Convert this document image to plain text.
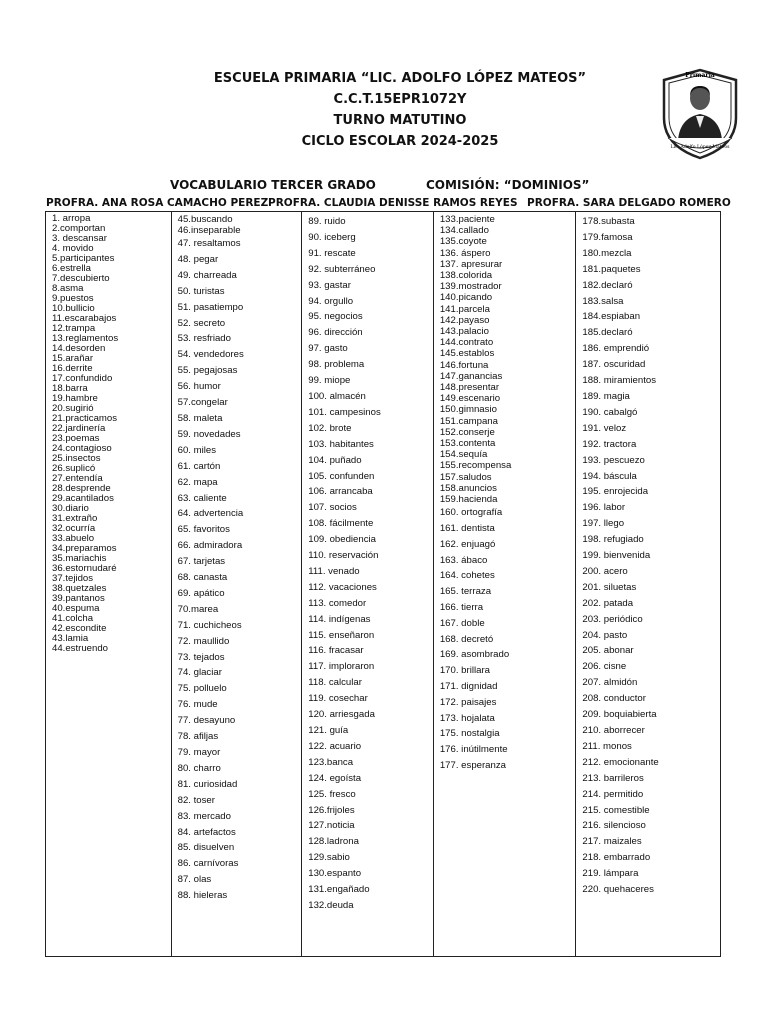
ESCUELA PRIMARIA “LIC. ADOLFO LÓPEZ MATEOS”
C.C.T.15EPR1072Y
TURNO MATUTINO
CICLO ESCOLAR 2024-2025
Primaria
Lic. Adolfo López Mateos
VOCABULARIO TERCER GRADO	COMISIÓN: “DOMINIOS”
PROFRA. ANA ROSA CAMACHO PEREZ PROFRA. CLAUDIA DENISSE RAMOS REYES PROFRA. SARA DELGADO ROMERO
1. arropa
2.comportan
3. descansar
4. movido
5.participantes
6.estrella
7.descubierto
8.asma
9.puestos
10.bullicio
11.escarabajos
12.trampa
13.reglamentos
14.desorden
15.arañar
16.derrite
17.confundido
18.barra
19.hambre
20.sugirió
21.practicamos
22.jardinería
23.poemas
24.contagioso
25.insectos
26.suplicó
27.entendía
28.desprende
29.acantilados
30.diario
31.extraño
32.ocurría
33.abuelo
34.preparamos
35.mariachis
36.estornudaré
37.tejidos
38.quetzales
39.pantanos
40.espuma
41.colcha
42.escondite
43.lamia
44.estruendo
45.buscando
46.inseparable
47. resaltamos
48. pegar
49. charreada
50. turistas
51. pasatiempo
52. secreto
53. resfriado
54. vendedores
55. pegajosas
56. humor
57.congelar
58. maleta
59. novedades
60. miles
61. cartón
62. mapa
63. caliente
64. advertencia
65. favoritos
66. admiradora
67. tarjetas
68. canasta
69. apático
70.marea
71. cuchicheos
72. maullido
73. tejados
74. glaciar
75. polluelo
76. mude
77. desayuno
78. afiljas
79. mayor
80. charro
81. curiosidad
82. toser
83. mercado
84. artefactos
85. disuelven
86. carnívoras
87. olas
88. hieleras
89. ruido
90. iceberg
91. rescate
92. subterráneo
93. gastar
94. orgullo
95. negocios
96. dirección
97. gasto
98. problema
99. miope
100. almacén
101. campesinos
102. brote
103. habitantes
104. puñado
105. confunden
106. arrancaba
107. socios
108. fácilmente
109. obediencia
110. reservación
111. venado
112. vacaciones
113. comedor
114. indígenas
115. enseñaron
116. fracasar
117. imploraron
118. calcular
119. cosechar
120. arriesgada
121. guía
122. acuario
123.banca
124. egoísta
125. fresco
126.frijoles
127.noticia
128.ladrona
129.sabio
130.espanto
131.engañado
132.deuda
133.paciente
134.callado
135.coyote
136. áspero
137. apresurar
138.colorida
139.mostrador
140.picando
141.parcela
142.payaso
143.palacio
144.contrato
145.establos
146.fortuna
147.ganancias
148.presentar
149.escenario
150.gimnasio
151.campana
152.conserje
153.contenta
154.sequía
155.recompensa
157.saludos
158.anuncios
159.hacienda
160. ortografía
161. dentista
162. enjuagó
163. ábaco
164. cohetes
165. terraza
166. tierra
167. doble
168. decretó
169. asombrado
170. brillara
171. dignidad
172. paisajes
173. hojalata
175. nostalgia
176. inútilmente
177. esperanza
178.subasta
179.famosa
180.mezcla
181.paquetes
182.declaró
183.salsa
184.espiaban
185.declaró
186. emprendió
187. oscuridad
188. miramientos
189. magia
190. cabalgó
191. veloz
192. tractora
193. pescuezo
194. báscula
195. enrojecida
196. labor
197. llego
198. refugiado
199. bienvenida
200. acero
201. siluetas
202. patada
203. periódico
204. pasto
205. abonar
206. cisne
207. almidón
208. conductor
209. boquiabierta
210. aborrecer
211. monos
212. emocionante
213. barrileros
214. permitido
215. comestible
216. silencioso
217. maizales
218. embarrado
219. lámpara
220. quehaceres
